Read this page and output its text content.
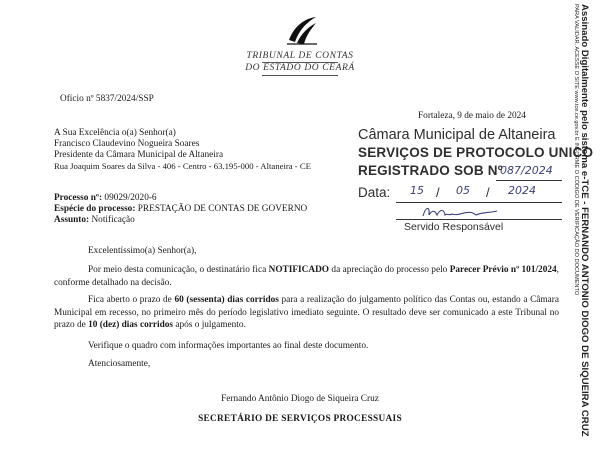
TRIBUNAL DE CONTAS
DO ESTADO DO CEARÁ
Ofício nº 5837/2024/SSP
Fortaleza, 9 de maio de 2024
A Sua Excelência o(a) Senhor(a)
Francisco Claudevino Nogueira Soares
Presidente da Câmara Municipal de Altaneira
Rua Joaquim Soares da Silva - 406 - Centro - 63.195-000 - Altaneira - CE
Processo nº: 09029/2020-6
Espécie do processo: PRESTAÇÃO DE CONTAS DE GOVERNO
Assunto: Notificação
Câmara Municipal de Altaneira
SERVIÇOS DE PROTOCOLO UNICO
REGISTRADO SOB Nº
087/2024
Data: 15 / 05 / 2024
Servido Responsável
Excelentíssimo(a) Senhor(a),
Por meio desta comunicação, o destinatário fica NOTIFICADO da apreciação do processo pelo Parecer Prévio nº 101/2024, conforme detalhado na decisão.
Fica aberto o prazo de 60 (sessenta) dias corridos para a realização do julgamento político das Contas ou, estando a Câmara Municipal em recesso, no primeiro mês do período legislativo imediato seguinte. O resultado deve ser comunicado a este Tribunal no prazo de 10 (dez) dias corridos após o julgamento.
Verifique o quadro com informações importantes ao final deste documento.
Atenciosamente,
Fernando Antônio Diogo de Siqueira Cruz
SECRETÁRIO DE SERVIÇOS PROCESSUAIS	Assinado Digitalmente pelo sistema e-TCE - FERNANDO ANTONIO DIOGO DE SIQUEIRA CRUZ
PARA VALIDAR, ACESSE O SITE www.tce.ce.gov.br E INFORME O CÓDIGO DE VERIFICAÇÃO DO DOCUMENTO
